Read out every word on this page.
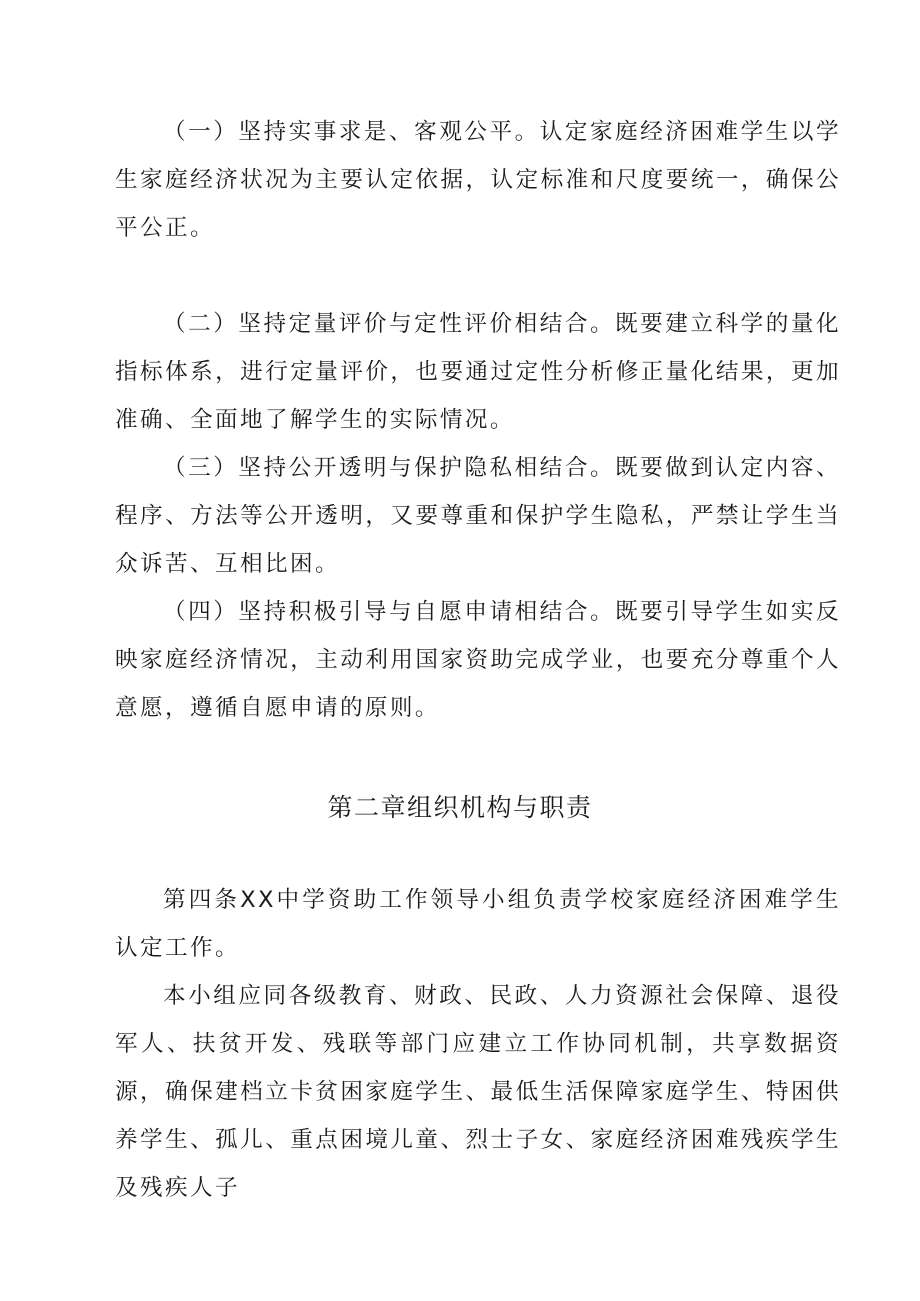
（一）坚持实事求是、客观公平。认定家庭经济困难学生以学生家庭经济状况为主要认定依据，认定标准和尺度要统一，确保公平公正。

（二）坚持定量评价与定性评价相结合。既要建立科学的量化指标体系，进行定量评价，也要通过定性分析修正量化结果，更加准确、全面地了解学生的实际情况。

（三）坚持公开透明与保护隐私相结合。既要做到认定内容、程序、方法等公开透明，又要尊重和保护学生隐私，严禁让学生当众诉苦、互相比困。

（四）坚持积极引导与自愿申请相结合。既要引导学生如实反映家庭经济情况，主动利用国家资助完成学业，也要充分尊重个人意愿，遵循自愿申请的原则。

第二章组织机构与职责

第四条XX中学资助工作领导小组负责学校家庭经济困难学生认定工作。

本小组应同各级教育、财政、民政、人力资源社会保障、退役军人、扶贫开发、残联等部门应建立工作协同机制，共享数据资源，确保建档立卡贫困家庭学生、最低生活保障家庭学生、特困供养学生、孤儿、重点困境儿童、烈士子女、家庭经济困难残疾学生及残疾人子
